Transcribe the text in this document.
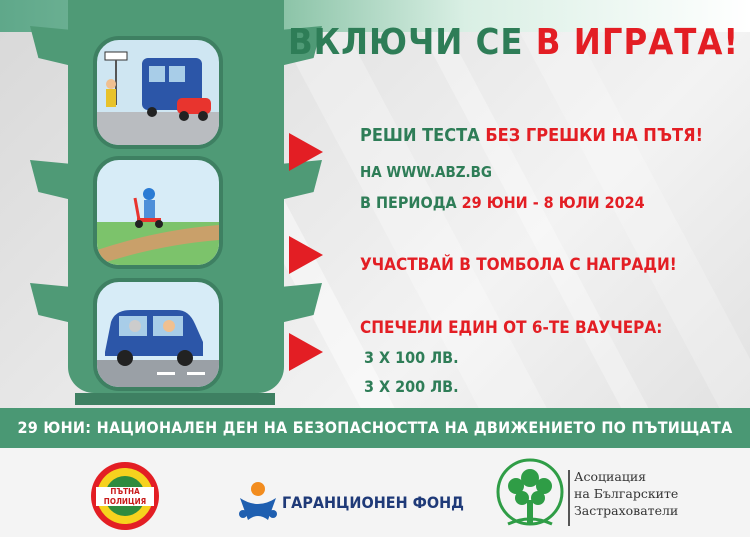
ВКЛЮЧИ СЕ В ИГРАТА!
РЕШИ ТЕСТА БЕЗ ГРЕШКИ НА ПЪТЯ!
НА WWW.ABZ.BG
В ПЕРИОДА 29 ЮНИ - 8 ЮЛИ 2024
УЧАСТВАЙ В ТОМБОЛА С НАГРАДИ!
СПЕЧЕЛИ ЕДИН ОТ 6-ТЕ ВАУЧЕРА:
3 Х 100 ЛВ.
3 Х 200 ЛВ.
29 ЮНИ: НАЦИОНАЛЕН ДЕН НА БЕЗОПАСНОСТТА НА ДВИЖЕНИЕТО ПО ПЪТИЩАТА
ПЪТНА
ПОЛИЦИЯ	ГАРАНЦИОНЕН ФОНД
Асоциация
на Българските
Застрахователи
